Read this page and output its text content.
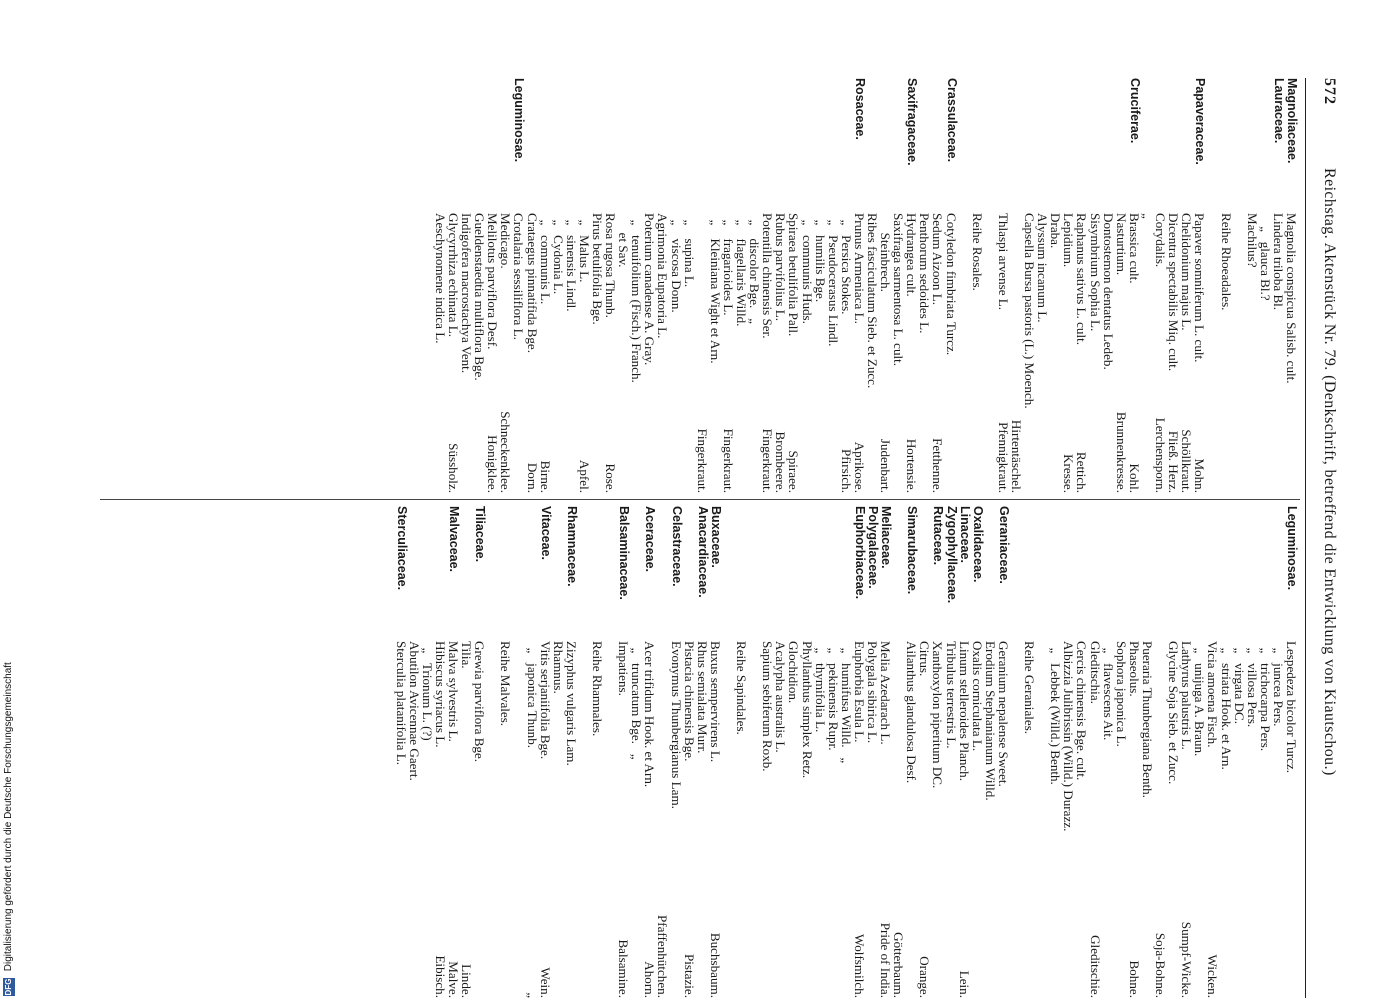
572
Reichstag. Aktenstück Nr. 79. (Denkschrift, betreffend die Entwicklung von Kiautschou.)
Magnoliaceae.
Magnolia conspicua Salisb. cult.
Lauraceae.
Lindera triloba Bl.
„   glauca Bl.?
Machilus?
Reihe Rhoeadales.
Papaveraceae.
Papaver somniferum L. cult.
Mohn.
Chelidonium majus L.
Schöllkraut.
Dicentra spectabilis Miq. cult.
Fließ. Herz.
Corydalis.
Lerchensporn.
„
Cruciferae.
Brassica cult.
Kohl.
Nasturtium.
Brunnenkresse.
Dontostemon dentatus Ledeb.
Sisymbrium Sophia L.
Raphanus sativus L. cult.
Rettich.
Lepidium.
Kresse.
Draba.
Alyssum incanum L.
Capsella Bursa pastoris (L.) Moench.
Hirtentäschel.
Thlaspi arvense L.
Pfennigkraut.
Reihe Rosales.
Crassulaceae.
Cotyledon fimbriata Turcz.
Sedum Aizoon L.
Fetthenne.
Penthorum sedoides L.
Saxifragaceae.
Hydrangea cult.
Hortensie.
Saxifraga sarmentosa L. cult.
Steinbrech.
Judenbart.
Ribes fasciculatum Sieb. et Zucc.
Rosaceae.
Prunus Armeniaca L.
Aprikose.
„   Persica Stokes.
Pfirsich.
„   Pseudocerasus Lindl.
„   humilis Bge.
„   communis Huds.
Spiraea betulifolia Pall.
Spiraee.
Rubus parvifolius L.
Brombeere.
Potentilla chinensis Ser.
Fingerkraut.
„    discolor Bge.   „
„    flagellaris Willd.
„    fragarioides L.
Fingerkraut.
„    Kleiniana Wight et Arn.
Fingerkraut.
„    supina L.
„    viscosa Donn.
Agrimonia Eupatoria L.
Poterium canadense A. Gray.
„   tenuifolium (Fisch.) Franch.
et Sav.
Rosa rugosa Thunb.
Rose.
Pirus betulifolia Bge.
„   Malus L.
Apfel.
„   sinensis Lindl.
„   Cydonia L.
„   communis L.
Birne.
Crataegus pinnatifida Bge.
Dorn.
Leguminosae.
Crotalaria sessiliflora L.
Medicago.
Schneckenklee.
Melilotus parviflora Desf.
Honigklee.
Gueldenstaedtia multiflora Bge.
Indigofera macrostachya Vent.
Glycyrrhiza echinata L.
Süssholz.
Aeschynomene indica L.
Leguminosae.
Lespedeza bicolor Turcz.
„   juncea Pers.
„   trichocarpa Pers.
„   villosa Pers.
„   virgata DC.
„   striata Hook. et Arn.
Vicia amoena Fisch.
Wicken.
„   unijuga A. Braun.
Lathyrus palustris L.
Sumpf-Wicke.
Glycine Soja Sieb. et Zucc.
Soja-Bohne.
Pueraria Thunbergiana Benth.
Phaseolus.
Bohne.
Sophora japonica L.
„   flavescens Ait.
Gleditschia.
Gleditschie.
Cercis chinensis Bge. cult.
Albizzia Julibrissin (Willd.) Durazz.
„   Lebbek (Willd.) Benth.
Reihe Geraniales.
Geraniaceae.
Geranium nepalense Sweet.
Erodium Stephanianum Willd.
Oxalidaceae.
Oxalis corniculata L.
Linaceae.
Linum stelleroides Planch.
Lein.
Zygophyllaceae.
Tribulus terrestris L.
Rutaceae.
Xanthoxylon piperitum DC.
Citrus.
Orange.
Simarubaceae.
Ailanthus glandulosa Desf.
Götterbaum.
Meliaceae.
Melia Azedarach L.
Pride of India.
Polygalaceae.
Polygala sibirica L.
Euphorbiaceae.
Euphorbia Esula L.
Wolfsmilch.
„   humifusa Willd.   „
„   pekinensis Rupr.
„   thymifolia L.
Phyllanthus simplex Retz.
Glochidion.
Acalypha australis L.
Sapium sebiferum Roxb.
Reihe Sapindales.
Buxaceae.
Buxus sempervirens L.
Buchsbaum.
Anacardiaceae.
Rhus semialata Murr.
Pistacia chinensis Bge.
Pistazie.
Celastraceae.
Evonymus Thunbergianus Lam.
Pfaffenhütchen.
Aceraceae.
Acer trifidum Hook. et Arn.
Ahorn.
„   truncatum Bge.   „
Balsaminaceae.
Impatiens.
Balsamine.
Reihe Rhamnales.
Rhamnaceae.
Zizyphus vulgaris Lam.
Rhamnus.
Vitaceae.
Vitis serjaniifolia Bge.
Wein.
„   japonica Thunb.
„
Reihe Malvales.
Tiliaceae.
Grewia parviflora Bge.
Tilia.
Linde.
Malvaceae.
Malva sylvestris L.
Malve.
Hibiscus syriacus L.
Eibisch.
„   Trionum L. (?)
Abutilon Avicennae Gaert.
Sterculiaceae.
Sterculia platanifolia L.
DFG Digitalisierung gefördert durch die Deutsche Forschungsgemeinschaft
